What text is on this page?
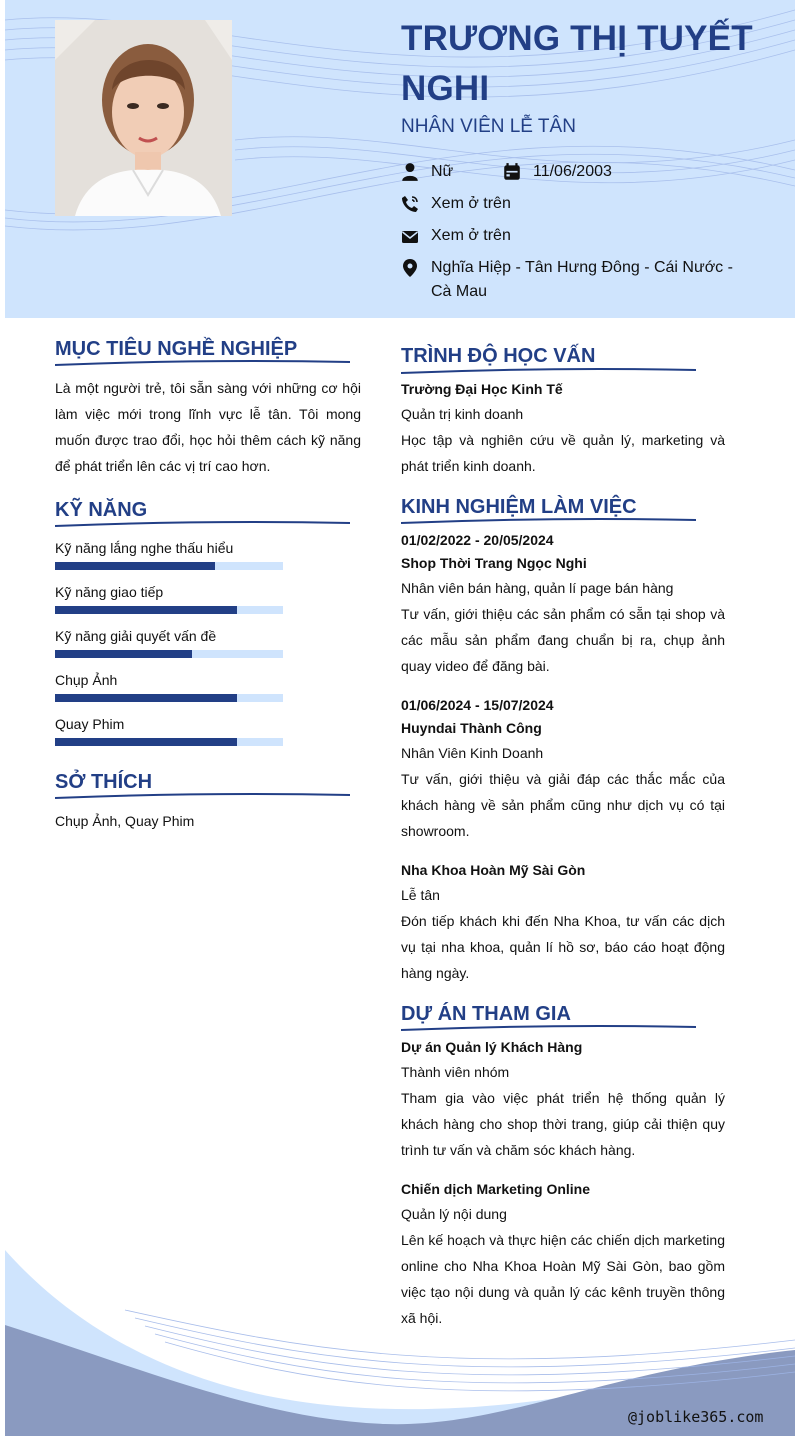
TRƯƠNG THỊ TUYẾT NGHI
NHÂN VIÊN LỄ TÂN
Nữ	11/06/2003
Xem ở trên
Xem ở trên
Nghĩa Hiệp - Tân Hưng Đông - Cái Nước - Cà Mau
MỤC TIÊU NGHỀ NGHIỆP
Là một người trẻ, tôi sẵn sàng với những cơ hội làm việc mới trong lĩnh vực lễ tân. Tôi mong muốn được trao đổi, học hỏi thêm cách kỹ năng để phát triển lên các vị trí cao hơn.
KỸ NĂNG
Kỹ năng lắng nghe thấu hiểu
Kỹ năng giao tiếp
Kỹ năng giải quyết vấn đề
Chụp Ảnh
Quay Phim
SỞ THÍCH
Chụp Ảnh, Quay Phim
TRÌNH ĐỘ HỌC VẤN
Trường Đại Học Kinh Tế
Quản trị kinh doanh
Học tập và nghiên cứu về quản lý, marketing và phát triển kinh doanh.
KINH NGHIỆM LÀM VIỆC
01/02/2022 - 20/05/2024
Shop Thời Trang Ngọc Nghi
Nhân viên bán hàng, quản lí page bán hàng
Tư vấn, giới thiệu các sản phẩm có sẵn tại shop và các mẫu sản phẩm đang chuẩn bị ra, chụp ảnh quay video để đăng bài.
01/06/2024 - 15/07/2024
Huyndai Thành Công
Nhân Viên Kinh Doanh
Tư vấn, giới thiệu và giải đáp các thắc mắc của khách hàng về sản phẩm cũng như dịch vụ có tại showroom.
Nha Khoa Hoàn Mỹ Sài Gòn
Lễ tân
Đón tiếp khách khi đến Nha Khoa, tư vấn các dịch vụ tại nha khoa, quản lí hồ sơ, báo cáo hoạt động hàng ngày.
DỰ ÁN THAM GIA
Dự án Quản lý Khách Hàng
Thành viên nhóm
Tham gia vào việc phát triển hệ thống quản lý khách hàng cho shop thời trang, giúp cải thiện quy trình tư vấn và chăm sóc khách hàng.
Chiến dịch Marketing Online
Quản lý nội dung
Lên kế hoạch và thực hiện các chiến dịch marketing online cho Nha Khoa Hoàn Mỹ Sài Gòn, bao gồm việc tạo nội dung và quản lý các kênh truyền thông xã hội.
@joblike365.com
